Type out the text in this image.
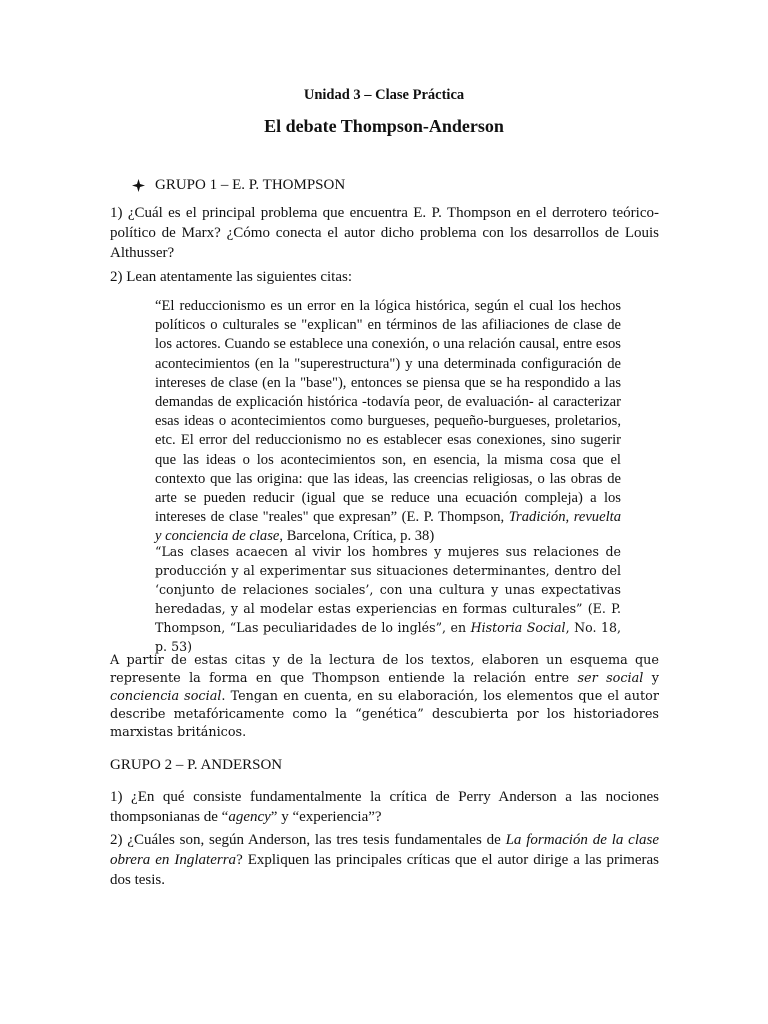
Unidad 3 – Clase Práctica
El debate Thompson-Anderson
GRUPO 1 – E. P. THOMPSON

1) ¿Cuál es el principal problema que encuentra E. P. Thompson en el derrotero teórico-político de Marx? ¿Cómo conecta el autor dicho problema con los desarrollos de Louis Althusser?

2) Lean atentamente las siguientes citas:

“El reduccionismo es un error en la lógica histórica, según el cual los hechos políticos o culturales se "explican" en términos de las afiliaciones de clase de los actores. Cuando se establece una conexión, o una relación causal, entre esos acontecimientos (en la "superestructura") y una determinada configuración de intereses de clase (en la "base"), entonces se piensa que se ha respondido a las demandas de explicación histórica -todavía peor, de evaluación- al caracterizar esas ideas o acontecimientos como burgueses, pequeño-burgueses, proletarios, etc. El error del reduccionismo no es establecer esas conexiones, sino sugerir que las ideas o los acontecimientos son, en esencia, la misma cosa que el contexto que las origina: que las ideas, las creencias religiosas, o las obras de arte se pueden reducir (igual que se reduce una ecuación compleja) a los intereses de clase "reales" que expresan” (E. P. Thompson, Tradición, revuelta y conciencia de clase, Barcelona, Crítica, p. 38)
“Las clases acaecen al vivir los hombres y mujeres sus relaciones de producción y al experimentar sus situaciones determinantes, dentro del ‘conjunto de relaciones sociales’, con una cultura y unas expectativas heredadas, y al modelar estas experiencias en formas culturales” (E. P. Thompson, “Las peculiaridades de lo inglés”, en Historia Social, No. 18, p. 53)
A partir de estas citas y de la lectura de los textos, elaboren un esquema que represente la forma en que Thompson entiende la relación entre ser social y conciencia social. Tengan en cuenta, en su elaboración, los elementos que el autor describe metafóricamente como la “genética” descubierta por los historiadores marxistas británicos.
GRUPO 2 – P. ANDERSON
1) ¿En qué consiste fundamentalmente la crítica de Perry Anderson a las nociones thompsonianas de “agency” y “experiencia”?
2) ¿Cuáles son, según Anderson, las tres tesis fundamentales de La formación de la clase obrera en Inglaterra? Expliquen las principales críticas que el autor dirige a las primeras dos tesis.
